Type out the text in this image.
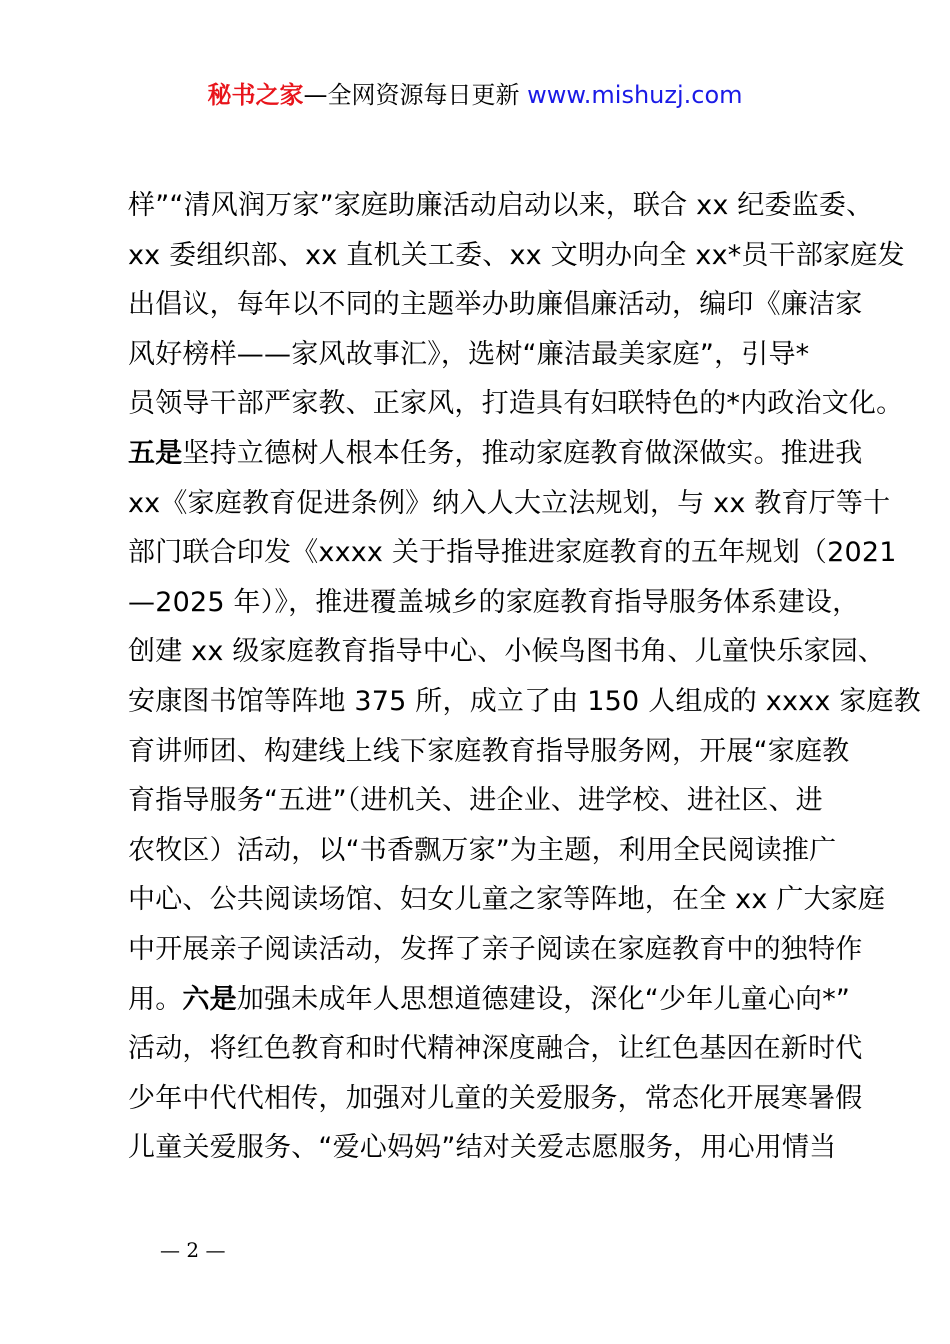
秘书之家—全网资源每日更新 www.mishuzj.com
样”“清风润万家”家庭助廉活动启动以来，联合 xx 纪委监委、
xx 委组织部、xx 直机关工委、xx 文明办向全 xx*员干部家庭发
出倡议，每年以不同的主题举办助廉倡廉活动，编印《廉洁家
风好榜样——家风故事汇》，选树“廉洁最美家庭”，引导*
员领导干部严家教、正家风，打造具有妇联特色的*内政治文化。
五是坚持立德树人根本任务，推动家庭教育做深做实。推进我
xx《家庭教育促进条例》纳入人大立法规划，与 xx 教育厅等十
部门联合印发《xxxx 关于指导推进家庭教育的五年规划（2021
—2025 年）》，推进覆盖城乡的家庭教育指导服务体系建设，
创建 xx 级家庭教育指导中心、小候鸟图书角、儿童快乐家园、
安康图书馆等阵地 375 所，成立了由 150 人组成的 xxxx 家庭教
育讲师团、构建线上线下家庭教育指导服务网，开展“家庭教
育指导服务“五进”（进机关、进企业、进学校、进社区、进
农牧区）活动，以“书香飘万家”为主题，利用全民阅读推广
中心、公共阅读场馆、妇女儿童之家等阵地，在全 xx 广大家庭
中开展亲子阅读活动，发挥了亲子阅读在家庭教育中的独特作
用。六是加强未成年人思想道德建设，深化“少年儿童心向*”
活动，将红色教育和时代精神深度融合，让红色基因在新时代
少年中代代相传，加强对儿童的关爱服务，常态化开展寒暑假
儿童关爱服务、“爱心妈妈”结对关爱志愿服务，用心用情当
— 2 —
